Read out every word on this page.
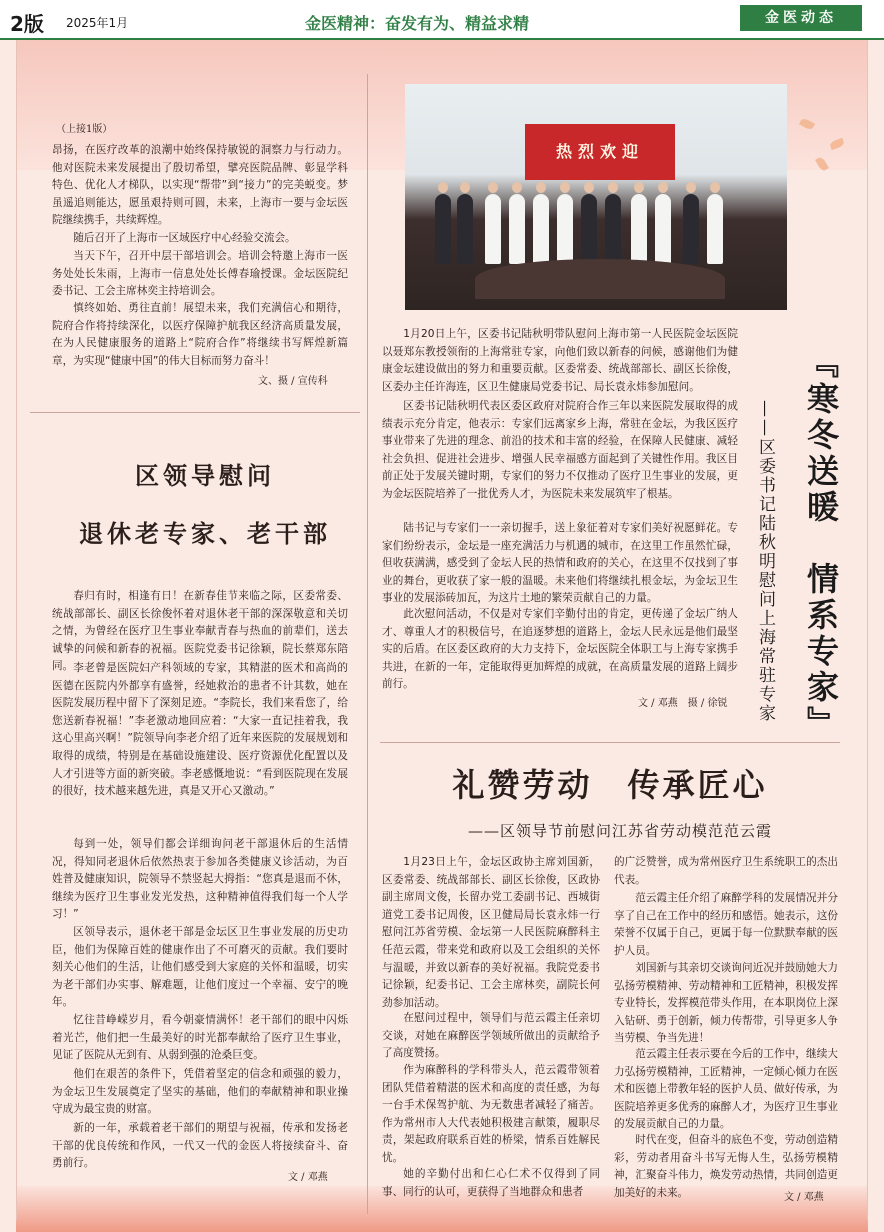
2版 2025年1月	金医精神：奋发有为、精益求精	金医动态
（上接1版）
昂扬，在医疗改革的浪潮中始终保持敏锐的洞察力与行动力。他对医院未来发展提出了殷切希望，擘亮医院品牌、彰显学科特色、优化人才梯队，以实现“帮带”到“接力”的完美蜕变。梦虽遥追则能达，愿虽艰持则可圆，未来，上海市一要与金坛医院继续携手，共续辉煌。
随后召开了上海市一区域医疗中心经验交流会。
当天下午，召开中层干部培训会。培训会特邀上海市一医务处处长朱雨，上海市一信息处处长傅春瑜授课。金坛医院纪委书记、工会主席林奕主持培训会。
慎终如始、勇往直前！展望未来，我们充满信心和期待，院府合作将持续深化，以医疗保障护航我区经济高质量发展，在为人民健康服务的道路上“院府合作”将继续书写辉煌新篇章，为实现“健康中国”的伟大目标而努力奋斗！
文、摄 / 宣传科
区领导慰问
退休老专家、老干部
春归有时，相逢有日！在新春佳节来临之际，区委常委、统战部部长、副区长徐俊怀着对退休老干部的深深敬意和关切之情，为曾经在医疗卫生事业奉献青春与热血的前辈们，送去诚挚的问候和新春的祝福。医院党委书记徐颖，院长蔡郑东陪同。 李老曾是医院妇产科领域的专家，其精湛的医术和高尚的医德在医院内外都享有盛誉，经她救治的患者不计其数，她在医院发展历程中留下了深刻足迹。“李院长，我们来看您了，给您送新春祝福！”李老激动地回应着：“大家一直记挂着我，我这心里高兴啊！”院领导向李老介绍了近年来医院的发展规划和取得的成绩，特别是在基础设施建设、医疗资源优化配置以及人才引进等方面的新突破。李老感慨地说：“看到医院现在发展的很好，技术越来越先进，真是又开心又激动。”
每到一处，领导们都会详细询问老干部退休后的生活情况，得知同老退休后依然热衷于参加各类健康义诊活动，为百姓普及健康知识，院领导不禁竖起大拇指：“您真是退而不休，继续为医疗卫生事业发光发热，这种精神值得我们每一个人学习！”
区领导表示，退休老干部是金坛区卫生事业发展的历史功臣，他们为保障百姓的健康作出了不可磨灭的贡献。我们要时刻关心他们的生活，让他们感受到大家庭的关怀和温暖，切实为老干部们办实事、解难题，让他们度过一个幸福、安宁的晚年。
忆往昔峥嵘岁月，看今朝豪情满怀！老干部们的眼中闪烁着光芒，他们把一生最美好的时光都奉献给了医疗卫生事业，见证了医院从无到有、从弱到强的沧桑巨变。
他们在艰苦的条件下，凭借着坚定的信念和顽强的毅力，为金坛卫生发展奠定了坚实的基础，他们的奉献精神和职业操守成为最宝贵的财富。
新的一年，承载着老干部们的期望与祝福，传承和发扬老干部的优良传统和作风，一代又一代的金医人将接续奋斗、奋勇前行。
文 / 邓燕
热烈欢迎
1月20日上午，区委书记陆秋明带队慰问上海市第一人民医院金坛医院以聂郑东教授领衔的上海常驻专家，向他们致以新春的问候，感谢他们为健康金坛建设做出的努力和重要贡献。区委常委、统战部部长、副区长徐俊，区委办主任许海连，区卫生健康局党委书记、局长袁永炜参加慰问。
区委书记陆秋明代表区委区政府对院府合作三年以来医院发展取得的成绩表示充分肯定，他表示：专家们远离家乡上海，常驻在金坛，为我区医疗事业带来了先进的理念、前沿的技术和丰富的经验，在保障人民健康、减轻社会负担、促进社会进步、增强人民幸福感方面起到了关键性作用。我区目前正处于发展关键时期，专家们的努力不仅推动了医疗卫生事业的发展，更为金坛医院培养了一批优秀人才，为医院未来发展筑牢了根基。
陆书记与专家们一一亲切握手，送上象征着对专家们美好祝愿鲜花。专家们纷纷表示，金坛是一座充满活力与机遇的城市，在这里工作虽然忙碌，但收获满满，感受到了金坛人民的热情和政府的关心，在这里不仅找到了事业的舞台，更收获了家一般的温暖。未来他们将继续扎根金坛，为金坛卫生事业的发展添砖加瓦，为这片土地的繁荣贡献自己的力量。
此次慰问活动，不仅是对专家们辛勤付出的肯定，更传递了金坛广纳人才、尊重人才的积极信号，在追逐梦想的道路上，金坛人民永远是他们最坚实的后盾。在区委区政府的大力支持下，金坛医院全体职工与上海专家携手共进，在新的一年，定能取得更加辉煌的成就，在高质量发展的道路上阔步前行。
文 / 邓燕　摄 / 徐锐 『寒冬送暖　情系专家』
——区委书记陆秋明慰问上海常驻专家
礼赞劳动　传承匠心
——区领导节前慰问江苏省劳动模范范云霞
1月23日上午，金坛区政协主席刘国新，区委常委、统战部部长、副区长徐俊，区政协副主席周文俊，长留办党工委副书记、西城街道党工委书记周俊，区卫健局局长袁永炜一行慰问江苏省劳模、金坛第一人民医院麻醉科主任范云霞，带来党和政府以及工会组织的关怀与温暖，并致以新春的美好祝福。我院党委书记徐颖，纪委书记、工会主席林奕，副院长何劲参加活动。
在慰问过程中，领导们与范云霞主任亲切交谈，对她在麻醉医学领域所做出的贡献给予了高度赞扬。
作为麻醉科的学科带头人，范云霞带领着团队凭借着精湛的医术和高度的责任感，为每一台手术保驾护航、为无数患者减轻了痛苦。作为常州市人大代表她积极建言献策，履职尽责，架起政府联系百姓的桥梁，情系百姓解民忧。
她的辛勤付出和仁心仁术不仅得到了同事、同行的认可，更获得了当地群众和患者
的广泛赞誉，成为常州医疗卫生系统职工的杰出代表。
范云霞主任介绍了麻醉学科的发展情况并分享了自己在工作中的经历和感悟。她表示，这份荣誉不仅属于自己，更属于每一位默默奉献的医护人员。
刘国新与其亲切交谈询问近况并鼓励她大力弘扬劳模精神、劳动精神和工匠精神，积极发挥专业特长，发挥模范带头作用，在本职岗位上深入钻研、勇于创新，倾力传帮带，引导更多人争当劳模、争当先进！
范云霞主任表示要在今后的工作中，继续大力弘扬劳模精神，工匠精神，一定倾心倾力在医术和医德上带教年轻的医护人员、做好传承，为医院培养更多优秀的麻醉人才，为医疗卫生事业的发展贡献自己的力量。
时代在变，但奋斗的底色不变，劳动创造精彩，劳动者用奋斗书写无悔人生，弘扬劳模精神，汇聚奋斗伟力，焕发劳动热情，共同创造更加美好的未来。	文 / 邓燕
